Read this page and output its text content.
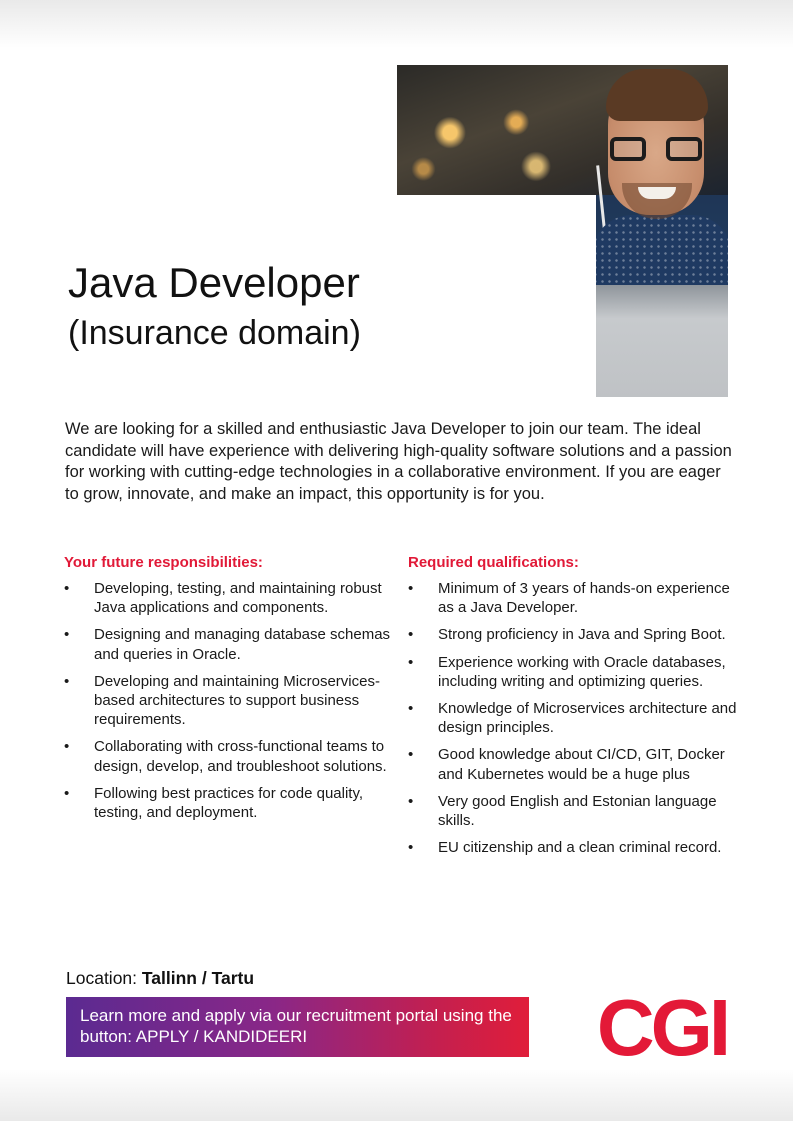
Java Developer

(Insurance domain)

We are looking for a skilled and enthusiastic Java Developer to join our team. The ideal candidate will have experience with delivering high-quality software solutions and a passion for working with cutting-edge technologies in a collaborative environment. If you are eager to grow, innovate, and make an impact, this opportunity is for you.

Your future responsibilities:
•	Developing, testing, and maintaining robust Java applications and components.
•	Designing and managing database schemas and queries in Oracle.
•	Developing and maintaining Microservices-based architectures to support business requirements.
•	Collaborating with cross-functional teams to design, develop, and troubleshoot solutions.
•	Following best practices for code quality, testing, and deployment.
Required qualifications:
•	Minimum of 3 years of hands-on experience as a Java Developer.
•	Strong proficiency in Java and Spring Boot.
•	Experience working with Oracle databases, including writing and optimizing queries.
•	Knowledge of Microservices architecture and design principles.
•	Good knowledge about CI/CD, GIT, Docker and Kubernetes would be a huge plus
•	Very good English and Estonian language skills.
•	EU citizenship and a clean criminal record.
Location: Tallinn / Tartu
Learn more and apply via our recruitment portal using the button: APPLY / KANDIDEERI	CGI
